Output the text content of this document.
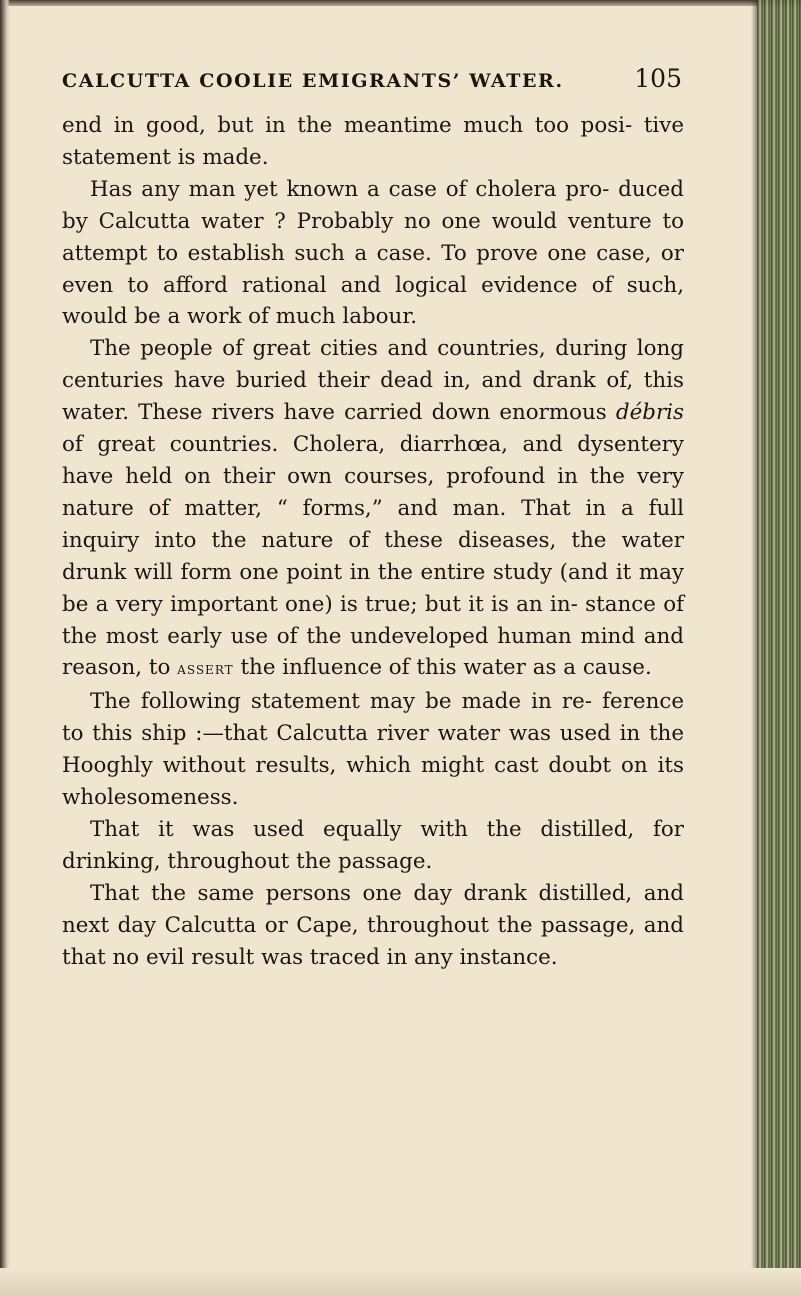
CALCUTTA COOLIE EMIGRANTS’ WATER.	105

end in good, but in the meantime much too posi- tive statement is made.

Has any man yet known a case of cholera pro- duced by Calcutta water ? Probably no one would venture to attempt to establish such a case. To prove one case, or even to afford rational and logical evidence of such, would be a work of much labour.

The people of great cities and countries, during long centuries have buried their dead in, and drank of, this water. These rivers have carried down enormous débris of great countries. Cholera, diarrhœa, and dysentery have held on their own courses, profound in the very nature of matter, “ forms,” and man. That in a full inquiry into the nature of these diseases, the water drunk will form one point in the entire study (and it may be a very important one) is true; but it is an in- stance of the most early use of the undeveloped human mind and reason, to assert the influence of this water as a cause.

The following statement may be made in re- ference to this ship :—that Calcutta river water was used in the Hooghly without results, which might cast doubt on its wholesomeness.

That it was used equally with the distilled, for drinking, throughout the passage.

That the same persons one day drank distilled, and next day Calcutta or Cape, throughout the passage, and that no evil result was traced in any instance.
